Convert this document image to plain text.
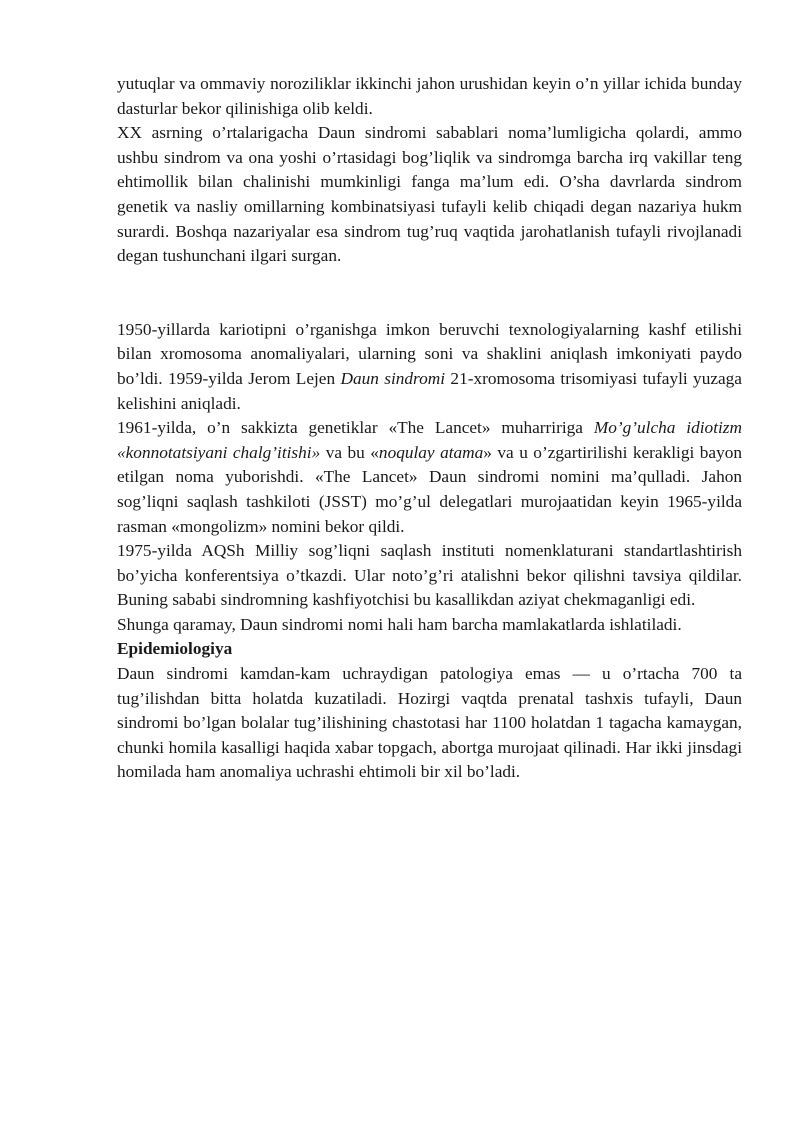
yutuqlar va ommaviy noroziliklar ikkinchi jahon urushidan keyin o’n yillar ichida bunday dasturlar bekor qilinishiga olib keldi.

XX asrning o’rtalarigacha Daun sindromi sabablari noma’lumligicha qolardi, ammo ushbu sindrom va ona yoshi o’rtasidagi bog’liqlik va sindromga barcha irq vakillar teng ehtimollik bilan chalinishi mumkinligi fanga ma’lum edi. O’sha davrlarda sindrom genetik va nasliy omillarning kombinatsiyasi tufayli kelib chiqadi degan nazariya hukm surardi. Boshqa nazariyalar esa sindrom tug’ruq vaqtida jarohatlanish tufayli rivojlanadi degan tushunchani ilgari surgan.

1950-yillarda kariotipni o’rganishga imkon beruvchi texnologiyalarning kashf etilishi bilan xromosoma anomaliyalari, ularning soni va shaklini aniqlash imkoniyati paydo bo’ldi. 1959-yilda Jerom Lejen Daun sindromi 21-xromosoma trisomiyasi tufayli yuzaga kelishini aniqladi.

1961-yilda, o’n sakkizta genetiklar «The Lancet» muharririga Mo’g’ulcha idiotizm «konnotatsiyani chalg’itishi» va bu «noqulay atama» va u o’zgartirilishi kerakligi bayon etilgan noma yuborishdi. «The Lancet» Daun sindromi nomini ma’qulladi. Jahon sog’liqni saqlash tashkiloti (JSST) mo’g’ul delegatlari murojaatidan keyin 1965-yilda rasman «mongolizm» nomini bekor qildi.

1975-yilda AQSh Milliy sog’liqni saqlash instituti nomenklaturani standartlashtirish bo’yicha konferentsiya o’tkazdi. Ular noto’g’ri atalishni bekor qilishni tavsiya qildilar. Buning sababi sindromning kashfiyotchisi bu kasallikdan aziyat chekmaganligi edi.

Shunga qaramay, Daun sindromi nomi hali ham barcha mamlakatlarda ishlatiladi.

Epidemiologiya

Daun sindromi kamdan-kam uchraydigan patologiya emas — u o’rtacha 700 ta tug’ilishdan bitta holatda kuzatiladi. Hozirgi vaqtda prenatal tashxis tufayli, Daun sindromi bo’lgan bolalar tug’ilishining chastotasi har 1100 holatdan 1 tagacha kamaygan, chunki homila kasalligi haqida xabar topgach, abortga murojaat qilinadi. Har ikki jinsdagi homilada ham anomaliya uchrashi ehtimoli bir xil bo’ladi.
